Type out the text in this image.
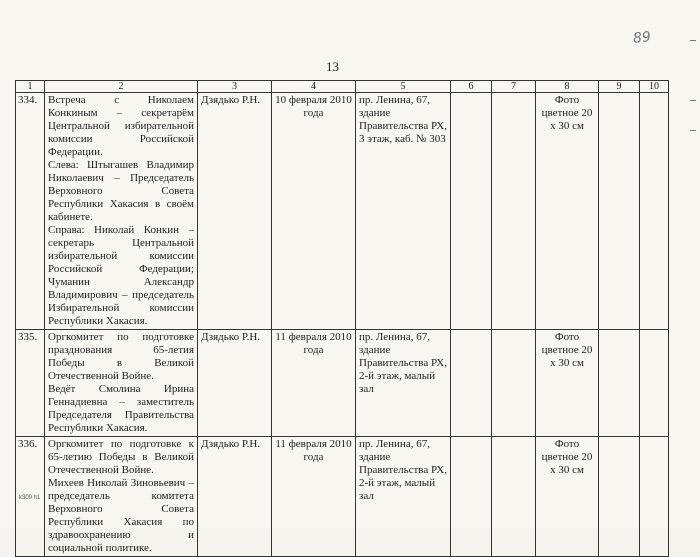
89
13
1	2	3	4	5	6	7	8	9	10
334.	Встреча с Николаем Конкиным – секретарём Центральной избирательной комиссии Российской Федерации.

Слева: Штыгашев Владимир Николаевич – Председатель Верховного Совета Республики Хакасия в своём кабинете.

Справа: Николай Конкин – секретарь Центральной избирательной комиссии Российской Федерации; Чуманин Александр Владимирович – председатель Избирательной комиссии Республики Хакасия.	Дзядько Р.Н.	10 февраля 2010 года	пр. Ленина, 67, здание Правительства РХ, 3 этаж, каб. № 303			Фото цветное 20 х 30 см		
335.	Оргкомитет по подготовке празднования 65-летия Победы в Великой Отечественной Войне.

Ведёт Смолина Ирина Геннадиевна – заместитель Председателя Правительства Республики Хакасия.	Дзядько Р.Н.	11 февраля 2010 года	пр. Ленина, 67, здание Правительства РХ, 2-й этаж, малый зал			Фото цветное 20 х 30 см		
336.	Оргкомитет по подготовке к 65-летию Победы в Великой Отечественной Войне.

Михеев Николай Зиновьевич – председатель комитета Верховного Совета Республики Хакасия по здравоохранению и социальной политике.	Дзядько Р.Н.	11 февраля 2010 года	пр. Ленина, 67, здание Правительства РХ, 2-й этаж, малый зал			Фото цветное 20 х 30 см		
k309 h1
